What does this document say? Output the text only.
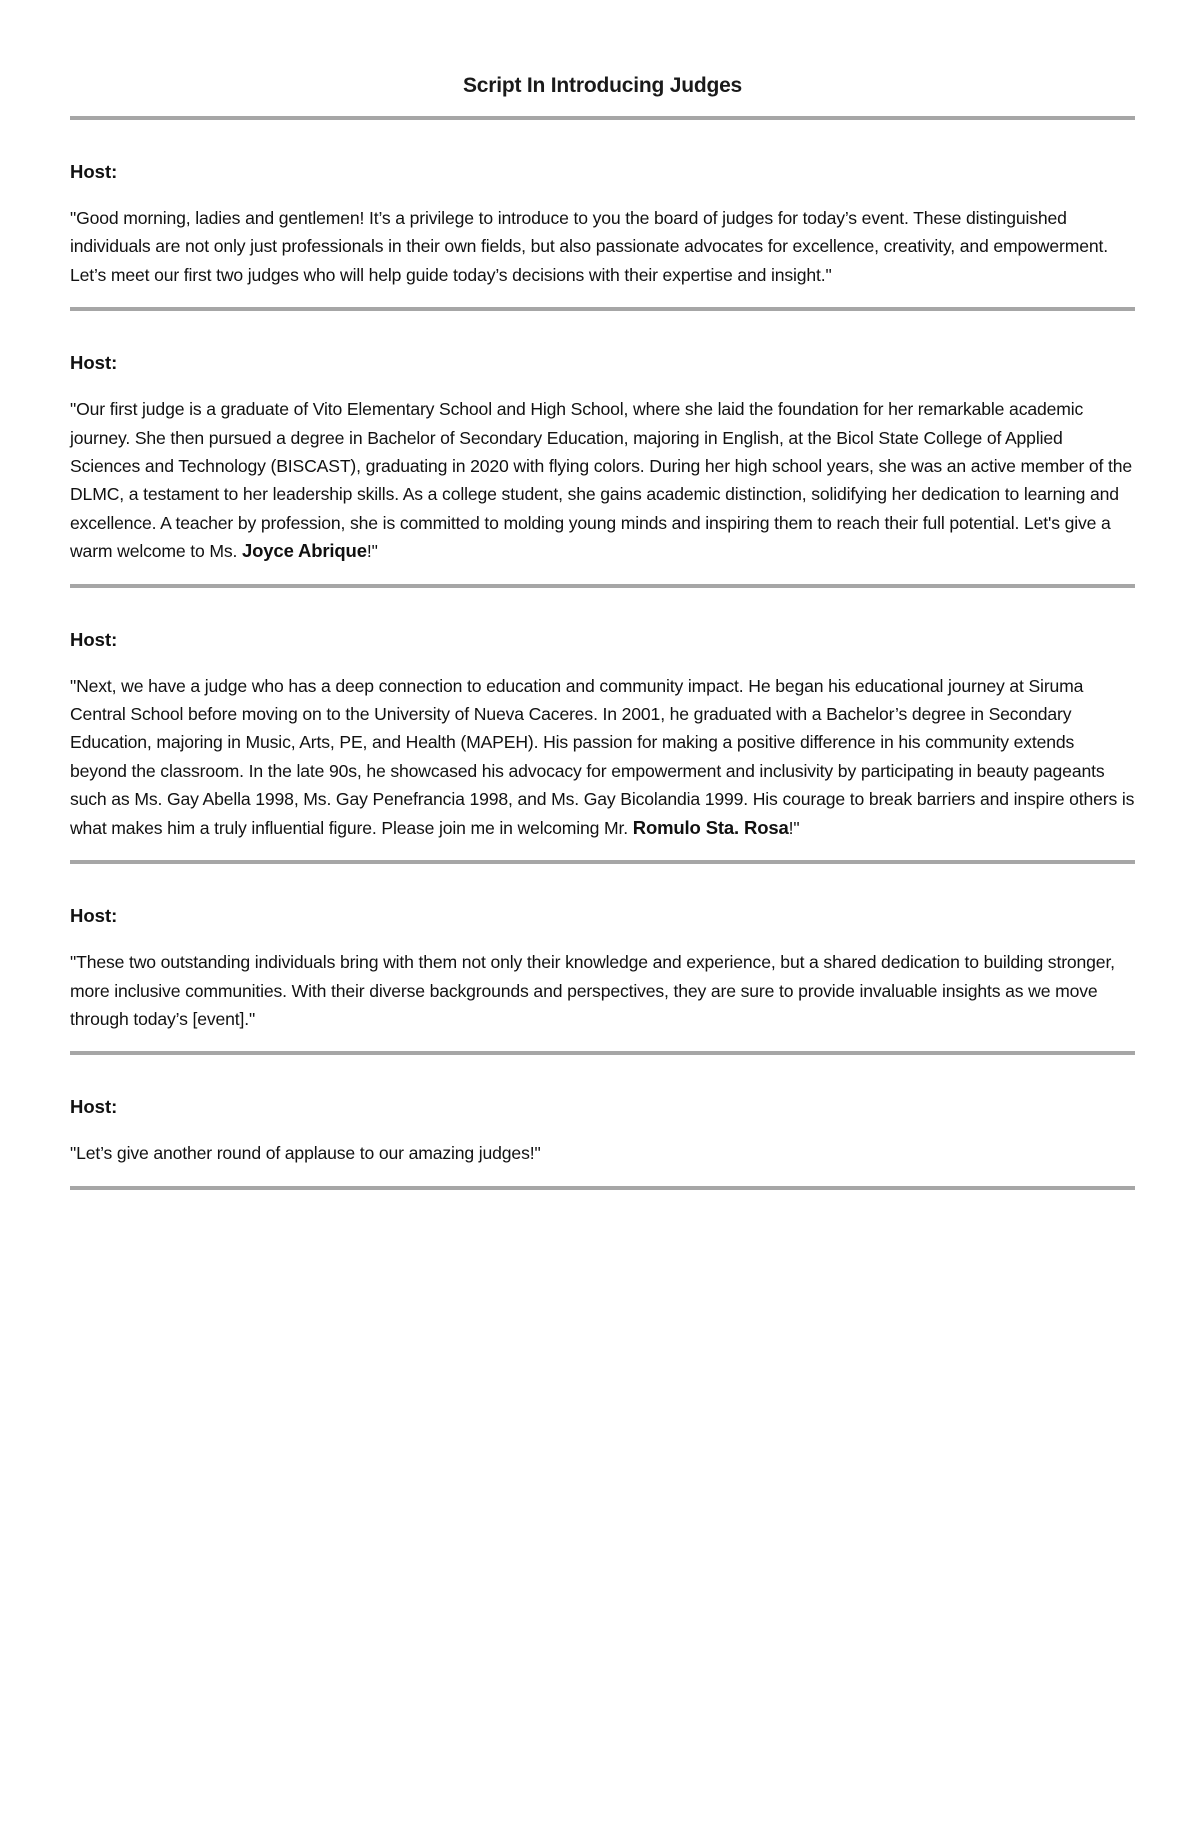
Script In Introducing Judges

Host:

"Good morning, ladies and gentlemen! It’s a privilege to introduce to you the board of judges for today’s event. These distinguished individuals are not only just professionals in their own fields, but also passionate advocates for excellence, creativity, and empowerment. Let’s meet our first two judges who will help guide today’s decisions with their expertise and insight."

Host:

"Our first judge is a graduate of Vito Elementary School and High School, where she laid the foundation for her remarkable academic journey. She then pursued a degree in Bachelor of Secondary Education, majoring in English, at the Bicol State College of Applied Sciences and Technology (BISCAST), graduating in 2020 with flying colors. During her high school years, she was an active member of the DLMC, a testament to her leadership skills. As a college student, she gains academic distinction, solidifying her dedication to learning and excellence. A teacher by profession, she is committed to molding young minds and inspiring them to reach their full potential. Let's give a warm welcome to Ms. Joyce Abrique!"

Host:

"Next, we have a judge who has a deep connection to education and community impact. He began his educational journey at Siruma Central School before moving on to the University of Nueva Caceres. In 2001, he graduated with a Bachelor’s degree in Secondary Education, majoring in Music, Arts, PE, and Health (MAPEH). His passion for making a positive difference in his community extends beyond the classroom. In the late 90s, he showcased his advocacy for empowerment and inclusivity by participating in beauty pageants such as Ms. Gay Abella 1998, Ms. Gay Penefrancia 1998, and Ms. Gay Bicolandia 1999. His courage to break barriers and inspire others is what makes him a truly influential figure. Please join me in welcoming Mr. Romulo Sta. Rosa!"

Host:

"These two outstanding individuals bring with them not only their knowledge and experience, but a shared dedication to building stronger, more inclusive communities. With their diverse backgrounds and perspectives, they are sure to provide invaluable insights as we move through today’s [event]."

Host:

"Let’s give another round of applause to our amazing judges!"
